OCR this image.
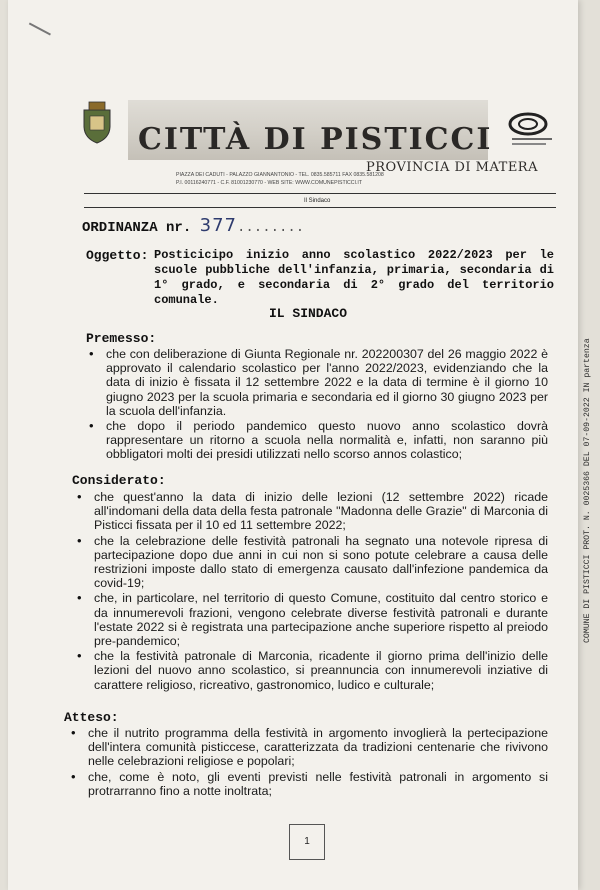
CITTÀ DI PISTICCI
PROVINCIA DI MATERA
PIAZZA DEI CADUTI - PALAZZO GIANNANTONIO - TEL. 0835.585711 FAX 0835.581208
P.I. 00116240771 - C.F. 81001230770 - WEB SITE: WWW.COMUNEPISTICCI.IT
Il Sindaco
ORDINANZA nr. 377........
Oggetto: Posticicipo inizio anno scolastico 2022/2023 per le scuole pubbliche dell'infanzia, primaria, secondaria di 1° grado, e secondaria di 2° grado del territorio comunale.
IL SINDACO
Premesso:
• che con deliberazione di Giunta Regionale nr. 202200307 del 26 maggio 2022 è approvato il calendario scolastico per l'anno 2022/2023, evidenziando che la data di inizio è fissata il 12 settembre 2022 e la data di termine è il giorno 10 giugno 2023 per la scuola primaria e secondaria ed il giorno 30 giugno 2023 per la scuola dell'infanzia.
• che dopo il periodo pandemico questo nuovo anno scolastico dovrà rappresentare un ritorno a scuola nella normalità e, infatti, non saranno più obbligatori molti dei presidi utilizzati nello scorso annos colastico;
Considerato:
• che quest'anno la data di inizio delle lezioni (12 settembre 2022) ricade all'indomani della data della festa patronale "Madonna delle Grazie" di Marconia di Pisticci fissata per il 10 ed 11 settembre 2022;
• che la celebrazione delle festività patronali ha segnato una notevole ripresa di partecipazione dopo due anni in cui non si sono potute celebrare a causa delle restrizioni imposte dallo stato di emergenza causato dall'infezione pandemica da covid-19;
• che, in particolare, nel territorio di questo Comune, costituito dal centro storico e da innumerevoli frazioni, vengono celebrate diverse festività patronali e durante l'estate 2022 si è registrata una partecipazione anche superiore rispetto al preiodo pre-pandemico;
• che la festività patronale di Marconia, ricadente il giorno prima dell'inizio delle lezioni del nuovo anno scolastico, si preannuncia con innumerevoli inziative di carattere religioso, ricreativo, gastronomico, ludico e culturale;
Atteso:
• che il nutrito programma della festività in argomento invoglierà la pertecipazione dell'intera comunità pisticcese, caratterizzata da tradizioni centenarie che rivivono nelle celebrazioni religiose e popolari;
• che, come è noto, gli eventi previsti nelle festività patronali in argomento si protrarranno fino a notte inoltrata;
1
COMUNE DI PISTICCI PROT. N. 0025366 DEL 07-09-2022 IN partenza
